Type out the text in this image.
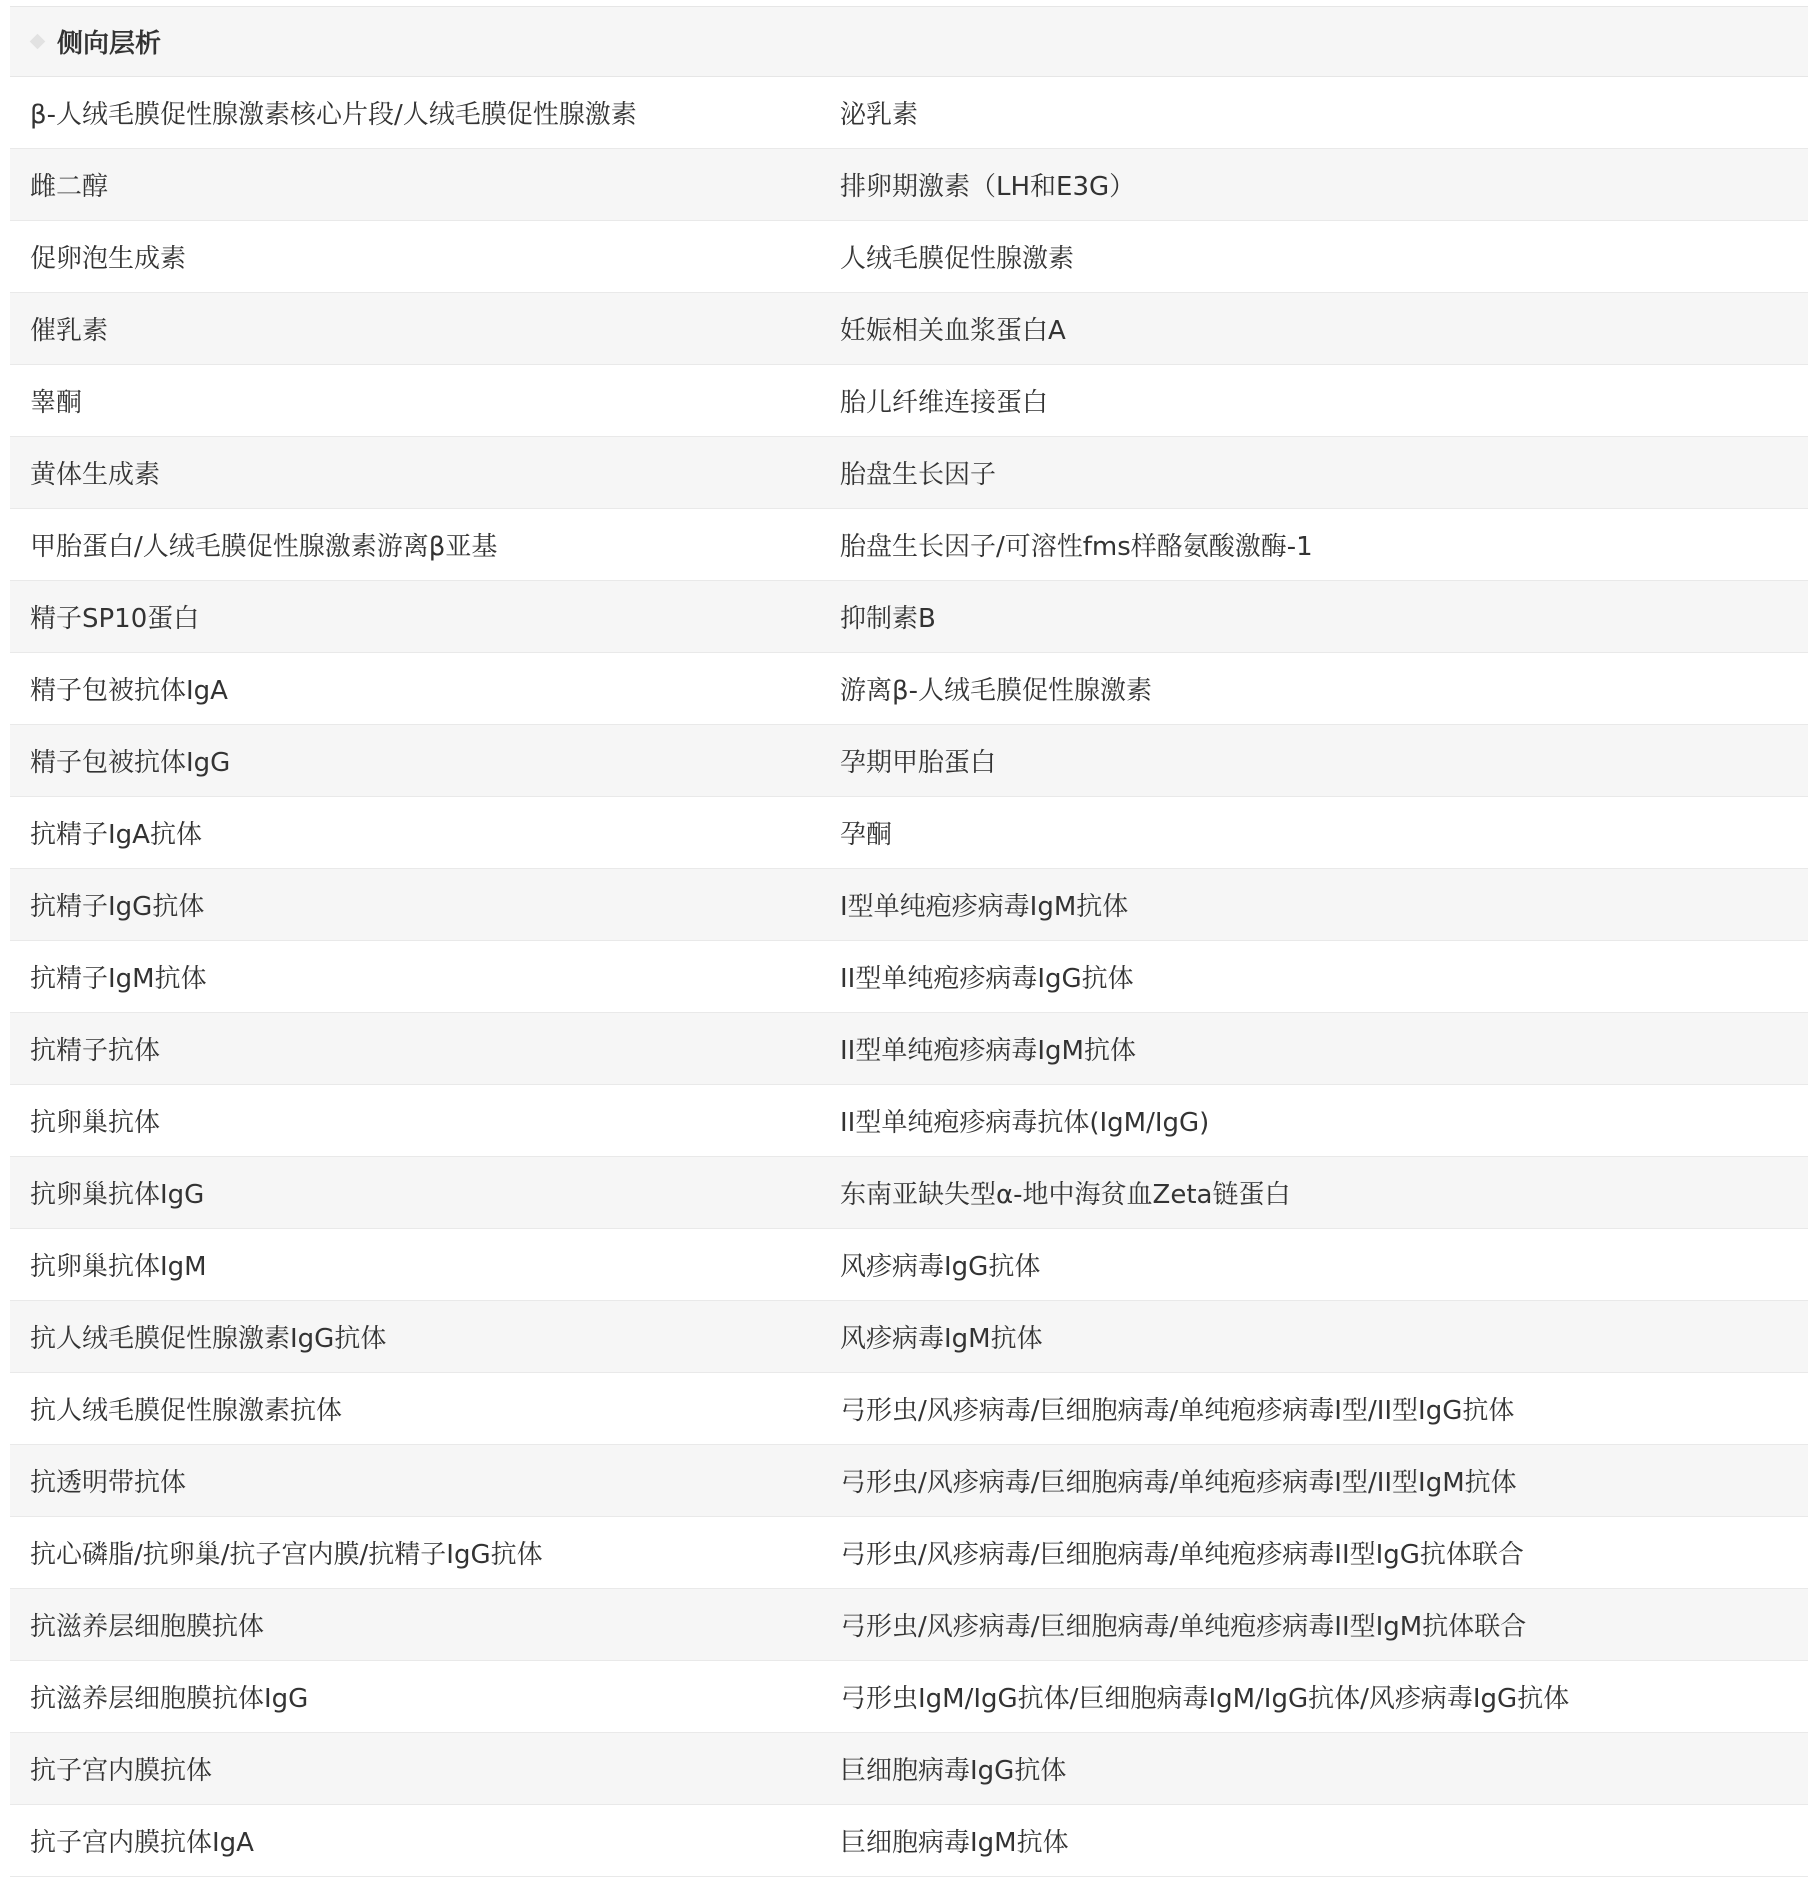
侧向层析
β-人绒毛膜促性腺激素核心片段/人绒毛膜促性腺激素	泌乳素
雌二醇	排卵期激素（LH和E3G）
促卵泡生成素	人绒毛膜促性腺激素
催乳素	妊娠相关血浆蛋白A
睾酮	胎儿纤维连接蛋白
黄体生成素	胎盘生长因子
甲胎蛋白/人绒毛膜促性腺激素游离β亚基	胎盘生长因子/可溶性fms样酪氨酸激酶-1
精子SP10蛋白	抑制素B
精子包被抗体IgA	游离β-人绒毛膜促性腺激素
精子包被抗体IgG	孕期甲胎蛋白
抗精子IgA抗体	孕酮
抗精子IgG抗体	I型单纯疱疹病毒IgM抗体
抗精子IgM抗体	II型单纯疱疹病毒IgG抗体
抗精子抗体	II型单纯疱疹病毒IgM抗体
抗卵巢抗体	II型单纯疱疹病毒抗体(IgM/IgG)
抗卵巢抗体IgG	东南亚缺失型α-地中海贫血Zeta链蛋白
抗卵巢抗体IgM	风疹病毒IgG抗体
抗人绒毛膜促性腺激素IgG抗体	风疹病毒IgM抗体
抗人绒毛膜促性腺激素抗体	弓形虫/风疹病毒/巨细胞病毒/单纯疱疹病毒I型/II型IgG抗体
抗透明带抗体	弓形虫/风疹病毒/巨细胞病毒/单纯疱疹病毒I型/II型IgM抗体
抗心磷脂/抗卵巢/抗子宫内膜/抗精子IgG抗体	弓形虫/风疹病毒/巨细胞病毒/单纯疱疹病毒II型IgG抗体联合
抗滋养层细胞膜抗体	弓形虫/风疹病毒/巨细胞病毒/单纯疱疹病毒II型IgM抗体联合
抗滋养层细胞膜抗体IgG	弓形虫IgM/IgG抗体/巨细胞病毒IgM/IgG抗体/风疹病毒IgG抗体
抗子宫内膜抗体	巨细胞病毒IgG抗体
抗子宫内膜抗体IgA	巨细胞病毒IgM抗体
